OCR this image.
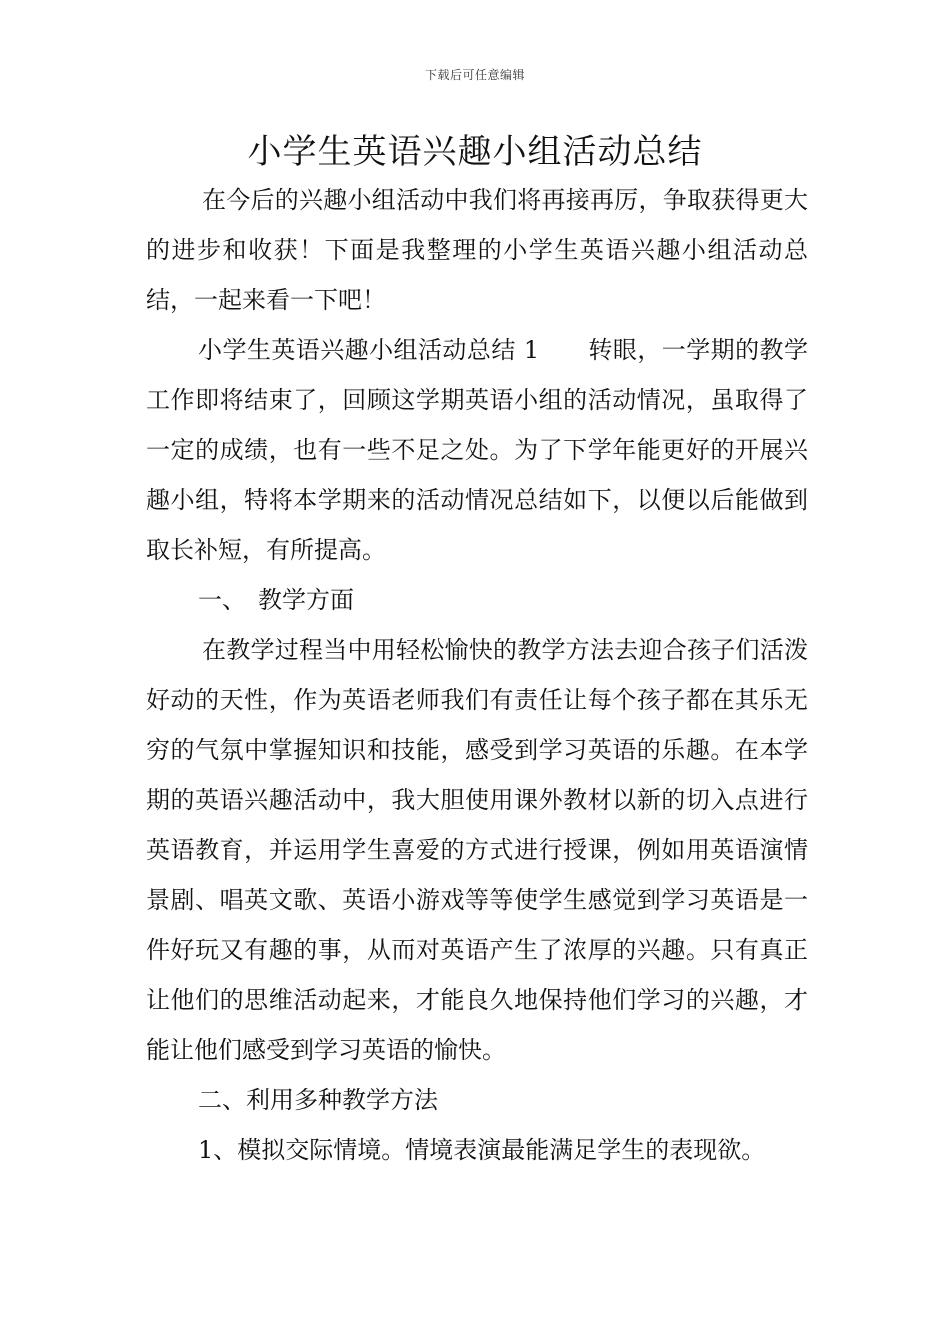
下载后可任意编辑
小学生英语兴趣小组活动总结

在今后的兴趣小组活动中我们将再接再厉，争取获得更大的进步和收获！下面是我整理的小学生英语兴趣小组活动总结，一起来看一下吧！

小学生英语兴趣小组活动总结 1　　转眼，一学期的教学工作即将结束了，回顾这学期英语小组的活动情况，虽取得了一定的成绩，也有一些不足之处。为了下学年能更好的开展兴趣小组，特将本学期来的活动情况总结如下，以便以后能做到取长补短，有所提高。

一、　教学方面

在教学过程当中用轻松愉快的教学方法去迎合孩子们活泼好动的天性，作为英语老师我们有责任让每个孩子都在其乐无穷的气氛中掌握知识和技能，感受到学习英语的乐趣。在本学期的英语兴趣活动中，我大胆使用课外教材以新的切入点进行英语教育，并运用学生喜爱的方式进行授课，例如用英语演情景剧、唱英文歌、英语小游戏等等使学生感觉到学习英语是一件好玩又有趣的事，从而对英语产生了浓厚的兴趣。只有真正让他们的思维活动起来，才能良久地保持他们学习的兴趣，才能让他们感受到学习英语的愉快。

二、利用多种教学方法

1、模拟交际情境。情境表演最能满足学生的表现欲。
